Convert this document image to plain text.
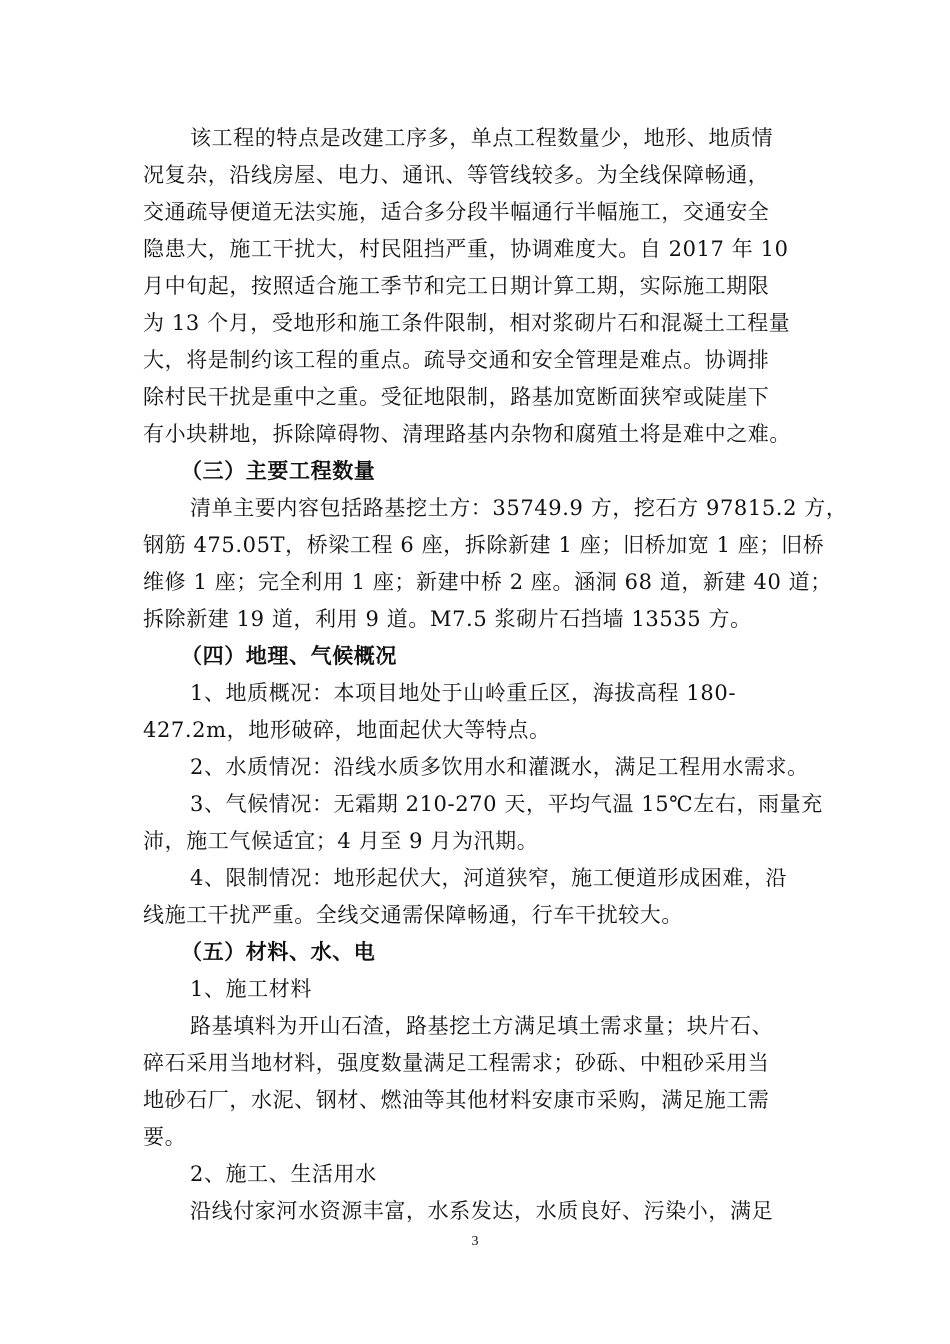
该工程的特点是改建工序多，单点工程数量少，地形、地质情
况复杂，沿线房屋、电力、通讯、等管线较多。为全线保障畅通，
交通疏导便道无法实施，适合多分段半幅通行半幅施工，交通安全
隐患大，施工干扰大，村民阻挡严重，协调难度大。自 2017 年 10
月中旬起，按照适合施工季节和完工日期计算工期，实际施工期限
为 13 个月，受地形和施工条件限制，相对浆砌片石和混凝土工程量
大，将是制约该工程的重点。疏导交通和安全管理是难点。协调排
除村民干扰是重中之重。受征地限制，路基加宽断面狭窄或陡崖下
有小块耕地，拆除障碍物、清理路基内杂物和腐殖土将是难中之难。
（三）主要工程数量
清单主要内容包括路基挖土方：35749.9 方，挖石方 97815.2 方，
钢筋 475.05T，桥梁工程 6 座，拆除新建 1 座；旧桥加宽 1 座；旧桥
维修 1 座；完全利用 1 座；新建中桥 2 座。涵洞 68 道，新建 40 道；
拆除新建 19 道，利用 9 道。M7.5 浆砌片石挡墙 13535 方。
（四）地理、气候概况
1、地质概况：本项目地处于山岭重丘区，海拔高程 180-
427.2m，地形破碎，地面起伏大等特点。
2、水质情况：沿线水质多饮用水和灌溉水，满足工程用水需求。
3、气候情况：无霜期 210-270 天，平均气温 15℃左右，雨量充
沛，施工气候适宜；4 月至 9 月为汛期。
4、限制情况：地形起伏大，河道狭窄，施工便道形成困难，沿
线施工干扰严重。全线交通需保障畅通，行车干扰较大。
（五）材料、水、电
1、施工材料
路基填料为开山石渣，路基挖土方满足填土需求量；块片石、
碎石采用当地材料，强度数量满足工程需求；砂砾、中粗砂采用当
地砂石厂，水泥、钢材、燃油等其他材料安康市采购，满足施工需
要。
2、施工、生活用水
沿线付家河水资源丰富，水系发达，水质良好、污染小，满足
3
